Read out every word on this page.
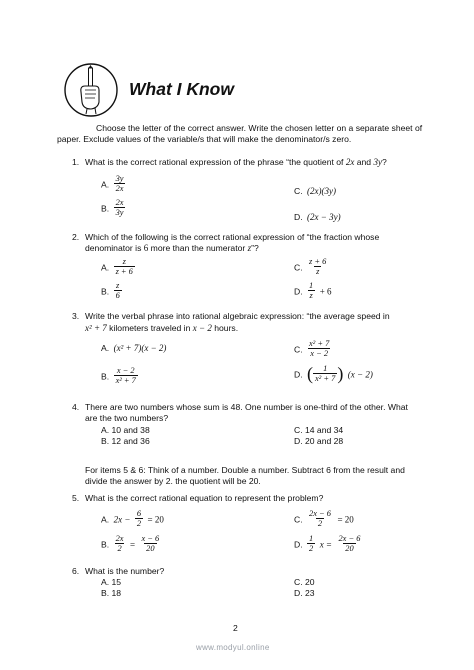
What I Know
Choose the letter of the correct answer. Write the chosen letter on a separate sheet of
paper. Exclude values of the variable/s that will make the denominator/s zero.
1. What is the correct rational expression of the phrase “the quotient of 2x and 3y?
A. $\frac{3y}{2x}$
B. $\frac{2x}{3y}$
C. (2x)(3y)
D. (2x − 3y)
2. Which of the following is the correct rational expression of “the fraction whose
denominator is 6 more than the numerator z”?
A. $\frac{z}{z + 6}$
B. $\frac{z}{6}$
C. $\frac{z + 6}{z}$
D. $\frac{1}{z} + 6$
3. Write the verbal phrase into rational algebraic expression: “the average speed in
x² + 7 kilometers traveled in x − 2 hours.
A. (x² + 7)(x − 2)
B. $\frac{x - 2}{\text{x² + 7}}$
C. $\frac{\text{x² + 7}}{x - 2}$
D. ( $\frac{1}{\text{x² + 7}}$ ) (x − 2)
4. There are two numbers whose sum is 48. One number is one-third of the other. What
are the two numbers?
A. 10 and 38
B. 12 and 36
C. 14 and 34
D. 20 and 28
For items 5 & 6: Think of a number. Double a number. Subtract 6 from the result and
divide the answer by 2. the quotient will be 20.
5. What is the correct rational equation to represent the problem?
A. $2x - \frac{6}{2} = 20$
B. $\frac{2x}{2} = \frac{x - 6}{20}$
C. $\frac{2x - 6}{2} = 20$
D. $\frac{1}{2}$ $x = \frac{2x - 6}{20}$
6. What is the number?
A. 15
B. 18
C. 20
D. 23
2
www.modyul.online
